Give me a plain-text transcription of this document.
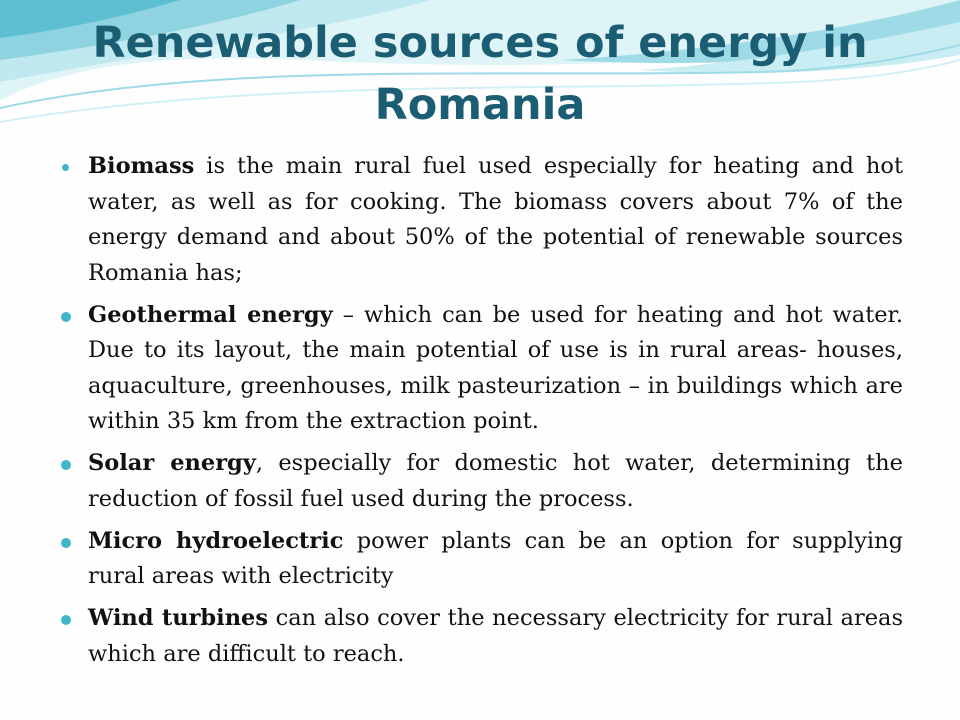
Renewable sources of energy in
Romania
Biomass is the main rural fuel used especially for heating and hot water, as well as for cooking. The biomass covers about 7% of the energy demand and about 50% of the potential of renewable sources Romania has;
Geothermal energy – which can be used for heating and hot water. Due to its layout, the main potential of use is in rural areas- houses, aquaculture, greenhouses, milk pasteurization – in buildings which are within 35 km from the extraction point.
Solar energy, especially for domestic hot water, determining the reduction of fossil fuel used during the process.
Micro hydroelectric power plants can be an option for supplying rural areas with electricity
Wind turbines can also cover the necessary electricity for rural areas which are difficult to reach.
